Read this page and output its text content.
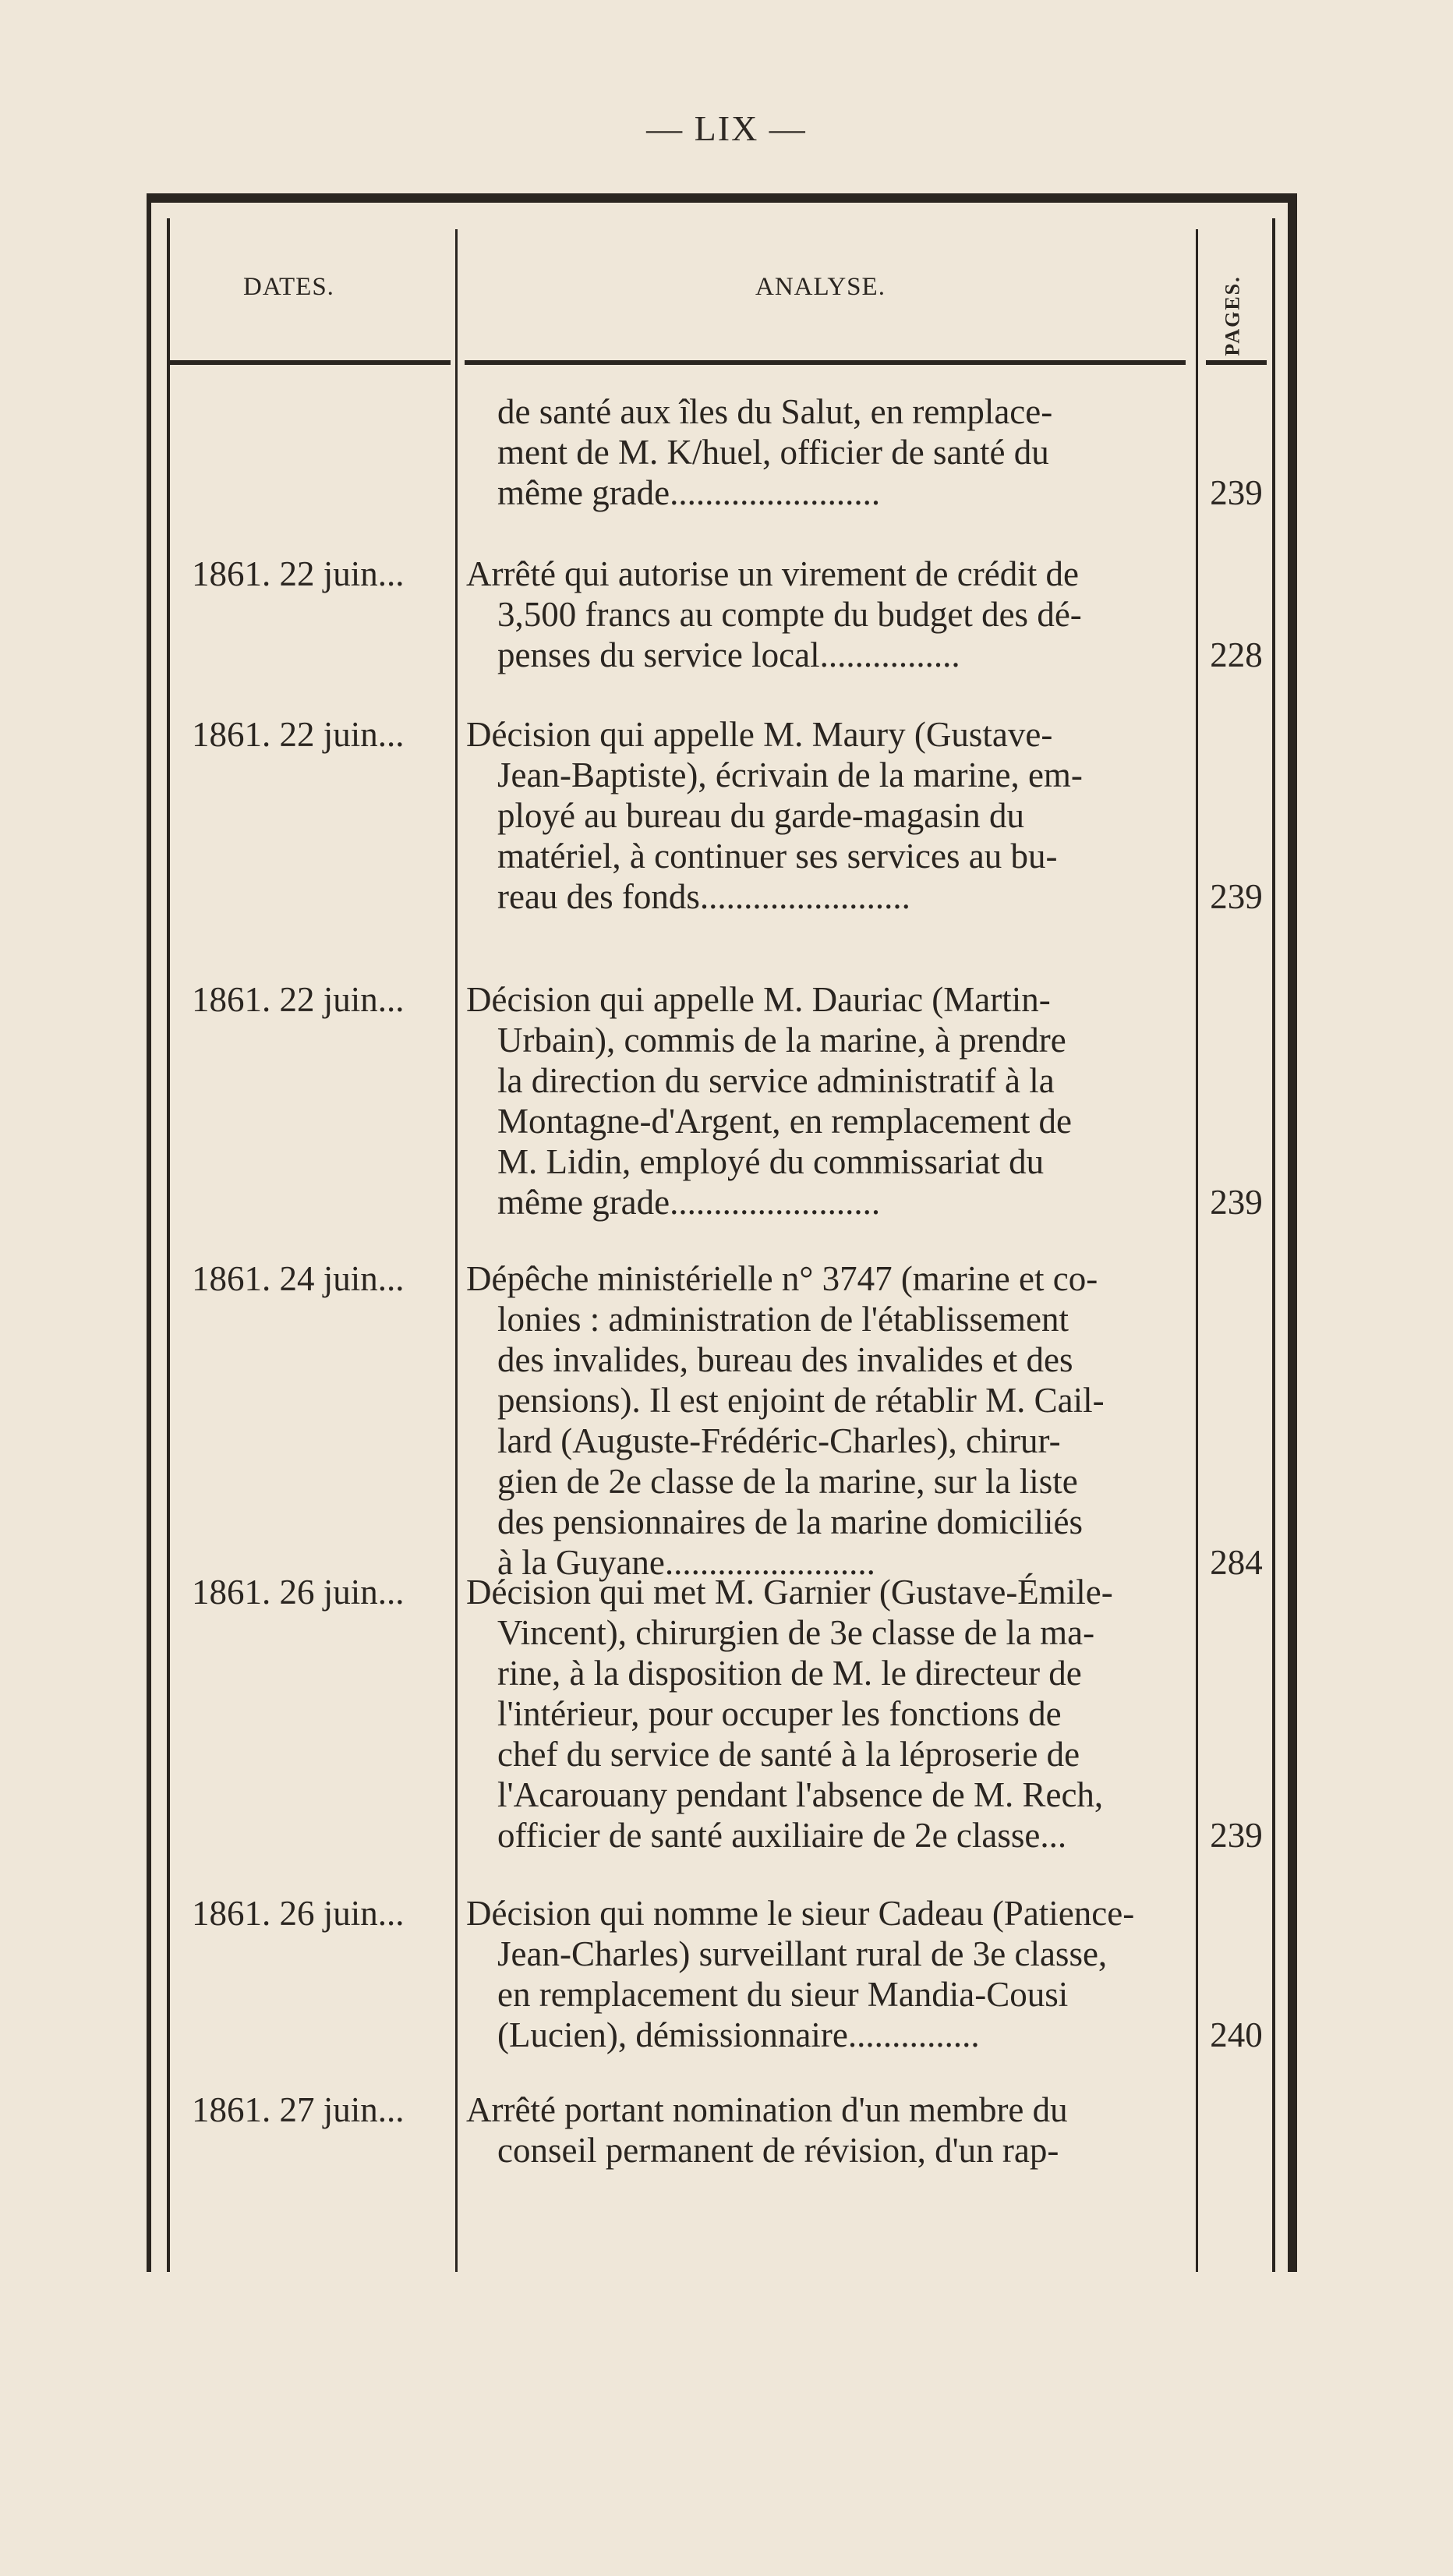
— LIX —
DATES.	ANALYSE.	PAGES.
de santé aux îles du Salut, en remplace-
ment de M. K/huel, officier de santé du
même grade........................	239
1861. 22 juin... Arrêté qui autorise un virement de crédit de
3,500 francs au compte du budget des dé-
penses du service local................	228
1861. 22 juin... Décision qui appelle M. Maury (Gustave-
Jean-Baptiste), écrivain de la marine, em-
ployé au bureau du garde-magasin du
matériel, à continuer ses services au bu-
reau des fonds........................	239
1861. 22 juin... Décision qui appelle M. Dauriac (Martin-
Urbain), commis de la marine, à prendre
la direction du service administratif à la
Montagne-d'Argent, en remplacement de
M. Lidin, employé du commissariat du
même grade........................	239
1861. 24 juin... Dépêche ministérielle n° 3747 (marine et co-
lonies : administration de l'établissement
des invalides, bureau des invalides et des
pensions). Il est enjoint de rétablir M. Cail-
lard (Auguste-Frédéric-Charles), chirur-
gien de 2e classe de la marine, sur la liste
des pensionnaires de la marine domiciliés
à la Guyane........................	284
1861. 26 juin... Décision qui met M. Garnier (Gustave-Émile-
Vincent), chirurgien de 3e classe de la ma-
rine, à la disposition de M. le directeur de
l'intérieur, pour occuper les fonctions de
chef du service de santé à la léproserie de
l'Acarouany pendant l'absence de M. Rech,
officier de santé auxiliaire de 2e classe...	239
1861. 26 juin... Décision qui nomme le sieur Cadeau (Patience-
Jean-Charles) surveillant rural de 3e classe,
en remplacement du sieur Mandia-Cousi
(Lucien), démissionnaire...............	240
1861. 27 juin... Arrêté portant nomination d'un membre du
conseil permanent de révision, d'un rap-
